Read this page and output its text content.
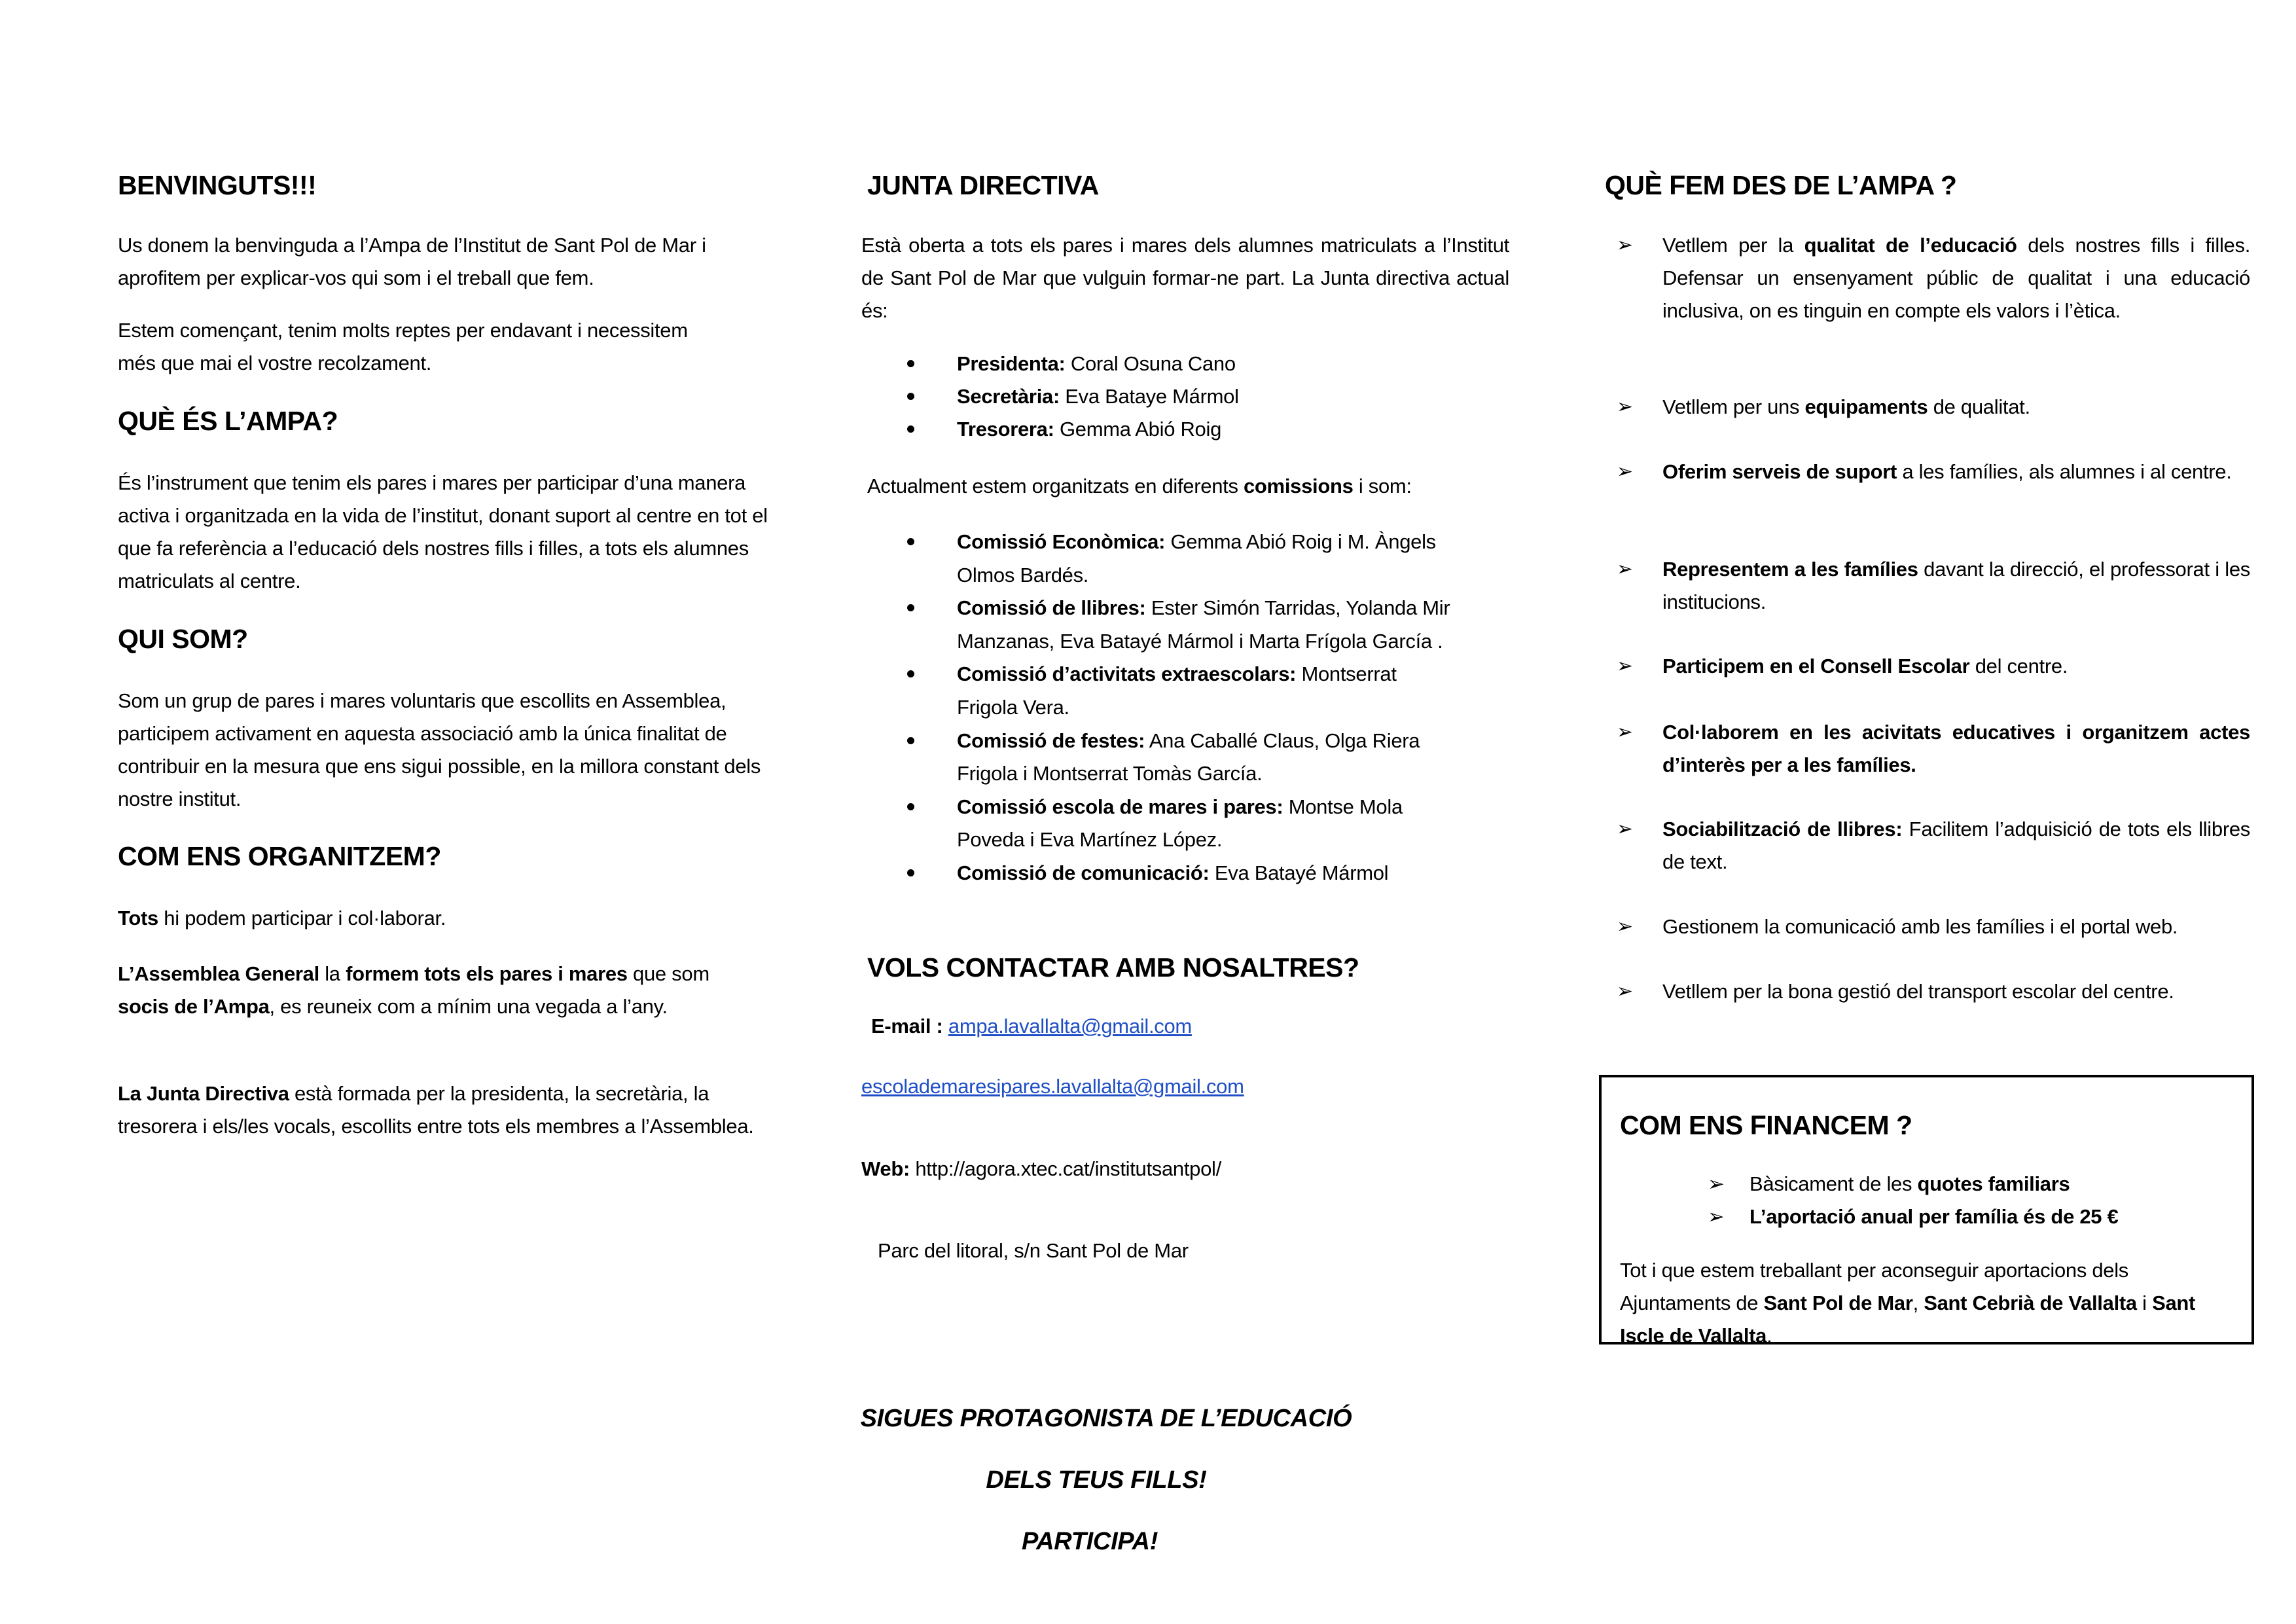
BENVINGUTS!!!

Us donem la benvinguda a l’Ampa de l’Institut de Sant Pol de Mar i aprofitem per explicar-vos qui som i el treball que fem.

Estem començant, tenim molts reptes per endavant i necessitem més que mai el vostre recolzament.

QUÈ ÉS L’AMPA?

És l’instrument que tenim els pares i mares per participar d’una manera activa i organitzada en la vida de l’institut, donant suport al centre en tot el que fa referència a l’educació dels nostres fills i filles, a tots els alumnes matriculats al centre.

QUI SOM?

Som un grup de pares i mares voluntaris que escollits en Assemblea, participem activament en aquesta associació amb la única finalitat de contribuir en la mesura que ens sigui possible, en la millora constant dels nostre institut.

COM ENS ORGANITZEM?

Tots hi podem participar i col·laborar.

L’Assemblea General la formem tots els pares i mares que som socis de l’Ampa, es reuneix com a mínim una vegada a l’any.

La Junta Directiva està formada per la presidenta, la secretària, la tresorera i els/les vocals, escollits entre tots els membres a l’Assemblea.

JUNTA DIRECTIVA

Està oberta a tots els pares i mares dels alumnes matriculats a l’Institut de Sant Pol de Mar que vulguin formar-ne part. La Junta directiva actual és:

Presidenta: Coral Osuna Cano
Secretària: Eva Bataye Mármol
Tresorera: Gemma Abió Roig

Actualment estem organitzats en diferents comissions i som:

Comissió Econòmica: Gemma Abió Roig i M. Àngels Olmos Bardés.
Comissió de llibres: Ester Simón Tarridas, Yolanda Mir Manzanas, Eva Batayé Mármol i Marta Frígola García .
Comissió d’activitats extraescolars: Montserrat Frigola Vera.
Comissió de festes: Ana Caballé Claus, Olga Riera Frigola i Montserrat Tomàs García.
Comissió escola de mares i pares: Montse Mola Poveda i Eva Martínez López.
Comissió de comunicació: Eva Batayé Mármol
VOLS CONTACTAR AMB NOSALTRES?

E-mail : ampa.lavallalta@gmail.com

escolademaresipares.lavallalta@gmail.com

Web: http://agora.xtec.cat/institutsantpol/

Parc del litoral, s/n Sant Pol de Mar

SIGUES PROTAGONISTA DE L’EDUCACIÓ
DELS TEUS FILLS!
PARTICIPA!
QUÈ FEM DES DE L’AMPA ?
➢ Vetllem per la qualitat de l’educació dels nostres fills i filles. Defensar un ensenyament públic de qualitat i una educació inclusiva, on es tinguin en compte els valors i l’ètica.
➢ Vetllem per uns equipaments de qualitat.
➢ Oferim serveis de suport a les famílies, als alumnes i al centre.
➢ Representem a les famílies davant la direcció, el professorat i les institucions.
➢ Participem en el Consell Escolar del centre.
➢ Col·laborem en les acivitats educatives i organitzem actes d’interès per a les famílies.
➢ Sociabilització de llibres: Facilitem l’adquisició de tots els llibres de text.
➢ Gestionem la comunicació amb les famílies i el portal web.
➢ Vetllem per la bona gestió del transport escolar del centre.
COM ENS FINANCEM ?
➢ Bàsicament de les quotes familiars
➢ L’aportació anual per família és de 25 €

Tot i que estem treballant per aconseguir aportacions dels Ajuntaments de Sant Pol de Mar, Sant Cebrià de Vallalta i Sant Iscle de Vallalta.
